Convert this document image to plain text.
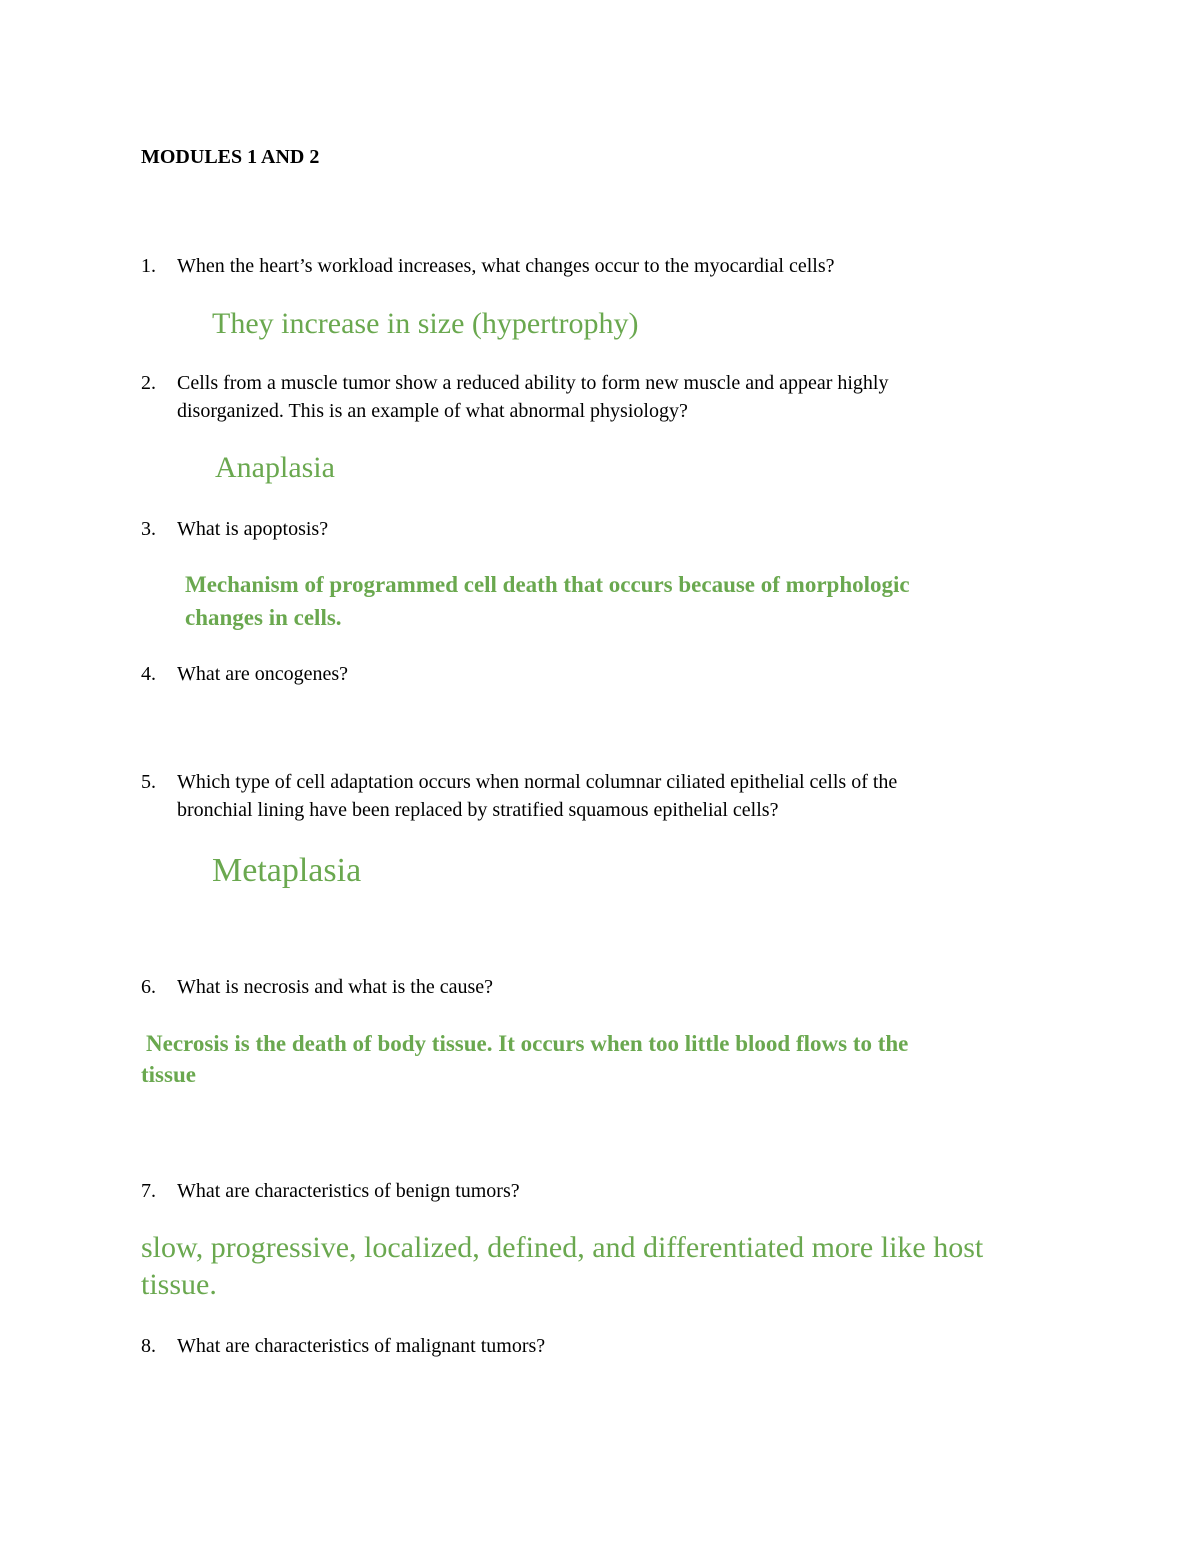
MODULES 1 AND 2

1. When the heart’s workload increases, what changes occur to the myocardial cells?

They increase in size (hypertrophy)

2. Cells from a muscle tumor show a reduced ability to form new muscle and appear highly
disorganized. This is an example of what abnormal physiology?

Anaplasia

3. What is apoptosis?

Mechanism of programmed cell death that occurs because of morphologic

changes in cells.

4. What are oncogenes?
5. Which type of cell adaptation occurs when normal columnar ciliated epithelial cells of the
bronchial lining have been replaced by stratified squamous epithelial cells?

Metaplasia

6. What is necrosis and what is the cause?

Necrosis is the death of body tissue. It occurs when too little blood flows to the

tissue

7. What are characteristics of benign tumors?

slow, progressive, localized, defined, and differentiated more like host

tissue.

8. What are characteristics of malignant tumors?
